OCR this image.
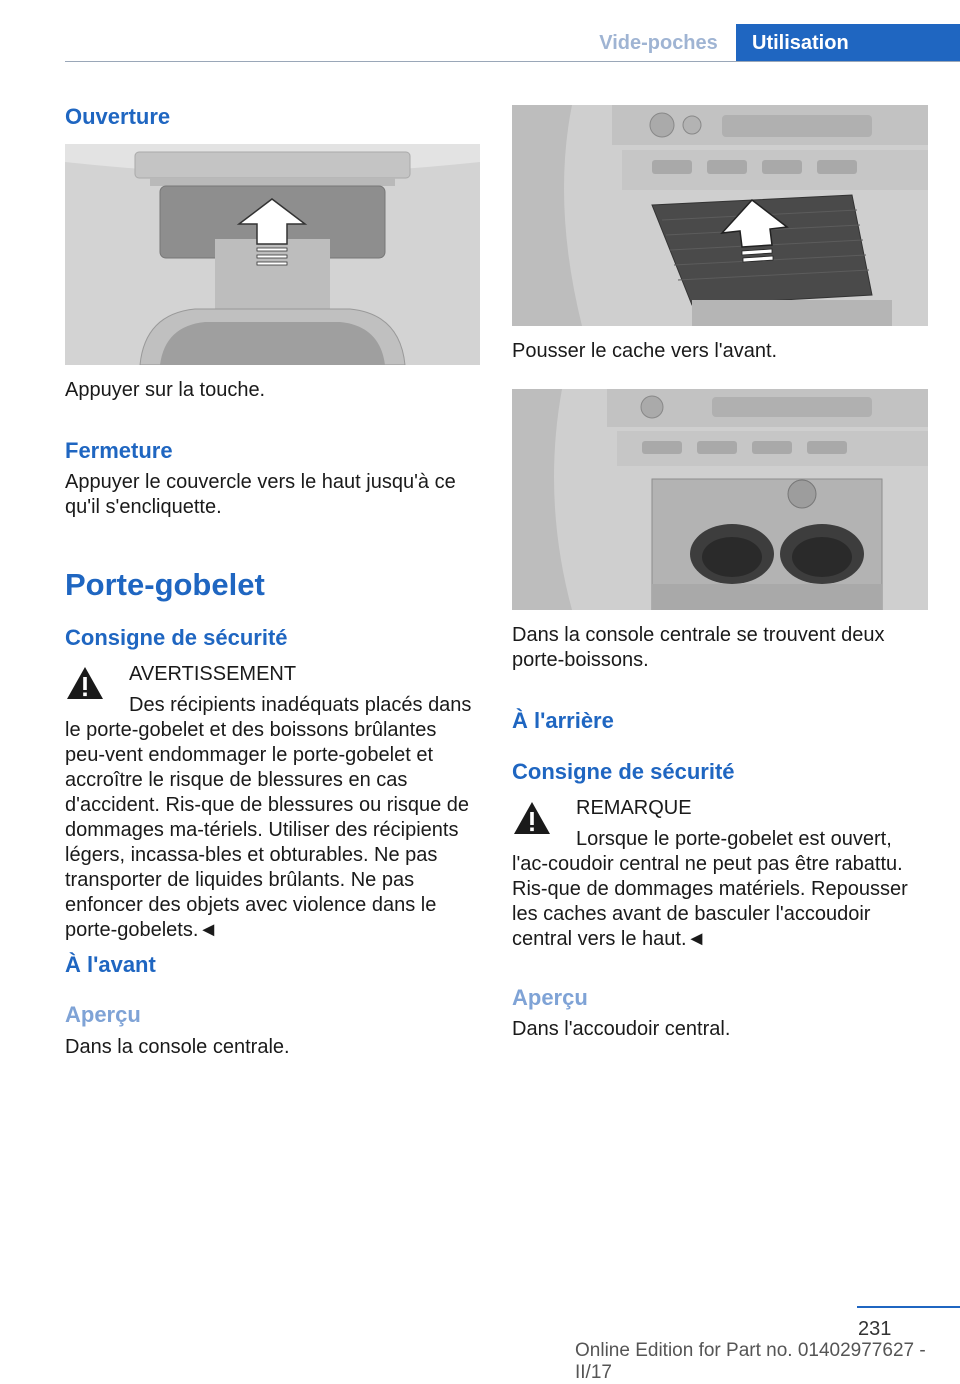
Vide-poches	Utilisation
Ouverture

Appuyer sur la touche.

Fermeture

Appuyer le couvercle vers le haut jusqu'à ce qu'il s'encliquette.

Porte-gobelet
Consigne de sécurité

AVERTISSEMENT

Des récipients inadéquats placés dans le porte-gobelet et des boissons brûlantes peu-vent endommager le porte-gobelet et accroître le risque de blessures en cas d'accident. Ris-que de blessures ou risque de dommages ma-tériels. Utiliser des récipients légers, incassa-bles et obturables. Ne pas transporter de liquides brûlants. Ne pas enfoncer des objets avec violence dans le porte-gobelets.◄

À l'avant
Aperçu

Dans la console centrale.

Pousser le cache vers l'avant.

Dans la console centrale se trouvent deux porte-boissons.

À l'arrière
Consigne de sécurité

REMARQUE

Lorsque le porte-gobelet est ouvert, l'ac-coudoir central ne peut pas être rabattu. Ris-que de dommages matériels. Repousser les caches avant de basculer l'accoudoir central vers le haut.◄

Aperçu

Dans l'accoudoir central.

231
Online Edition for Part no. 01402977627 - II/17
